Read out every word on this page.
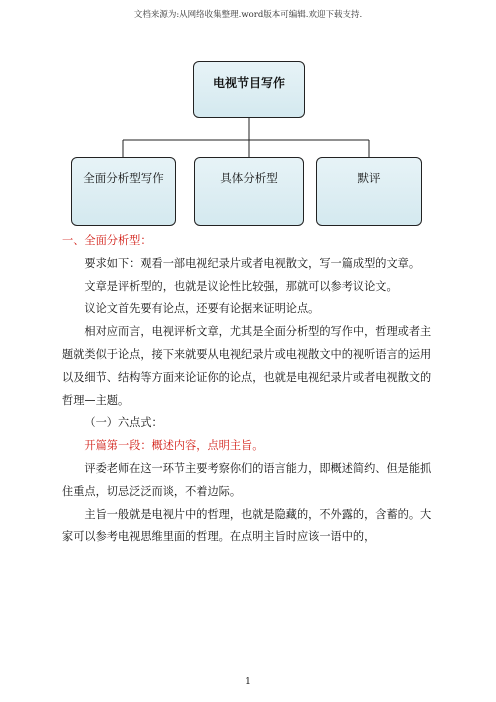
文档来源为:从网络收集整理.word版本可编辑.欢迎下载支持.
电视节目写作
全面分析型写作	具体分析型	默评

一、全面分析型：

要求如下：观看一部电视纪录片或者电视散文，写一篇成型的文章。

文章是评析型的，也就是议论性比较强，那就可以参考议论文。

议论文首先要有论点，还要有论据来证明论点。

相对应而言，电视评析文章，尤其是全面分析型的写作中，哲理或者主题就类似于论点，接下来就要从电视纪录片或电视散文中的视听语言的运用以及细节、结构等方面来论证你的论点，也就是电视纪录片或者电视散文的哲理—主题。

（一）六点式：

开篇第一段：概述内容，点明主旨。

评委老师在这一环节主要考察你们的语言能力，即概述简约、但是能抓住重点，切忌泛泛而谈，不着边际。

主旨一般就是电视片中的哲理，也就是隐藏的，不外露的，含蓄的。大家可以参考电视思维里面的哲理。在点明主旨时应该一语中的，

1
